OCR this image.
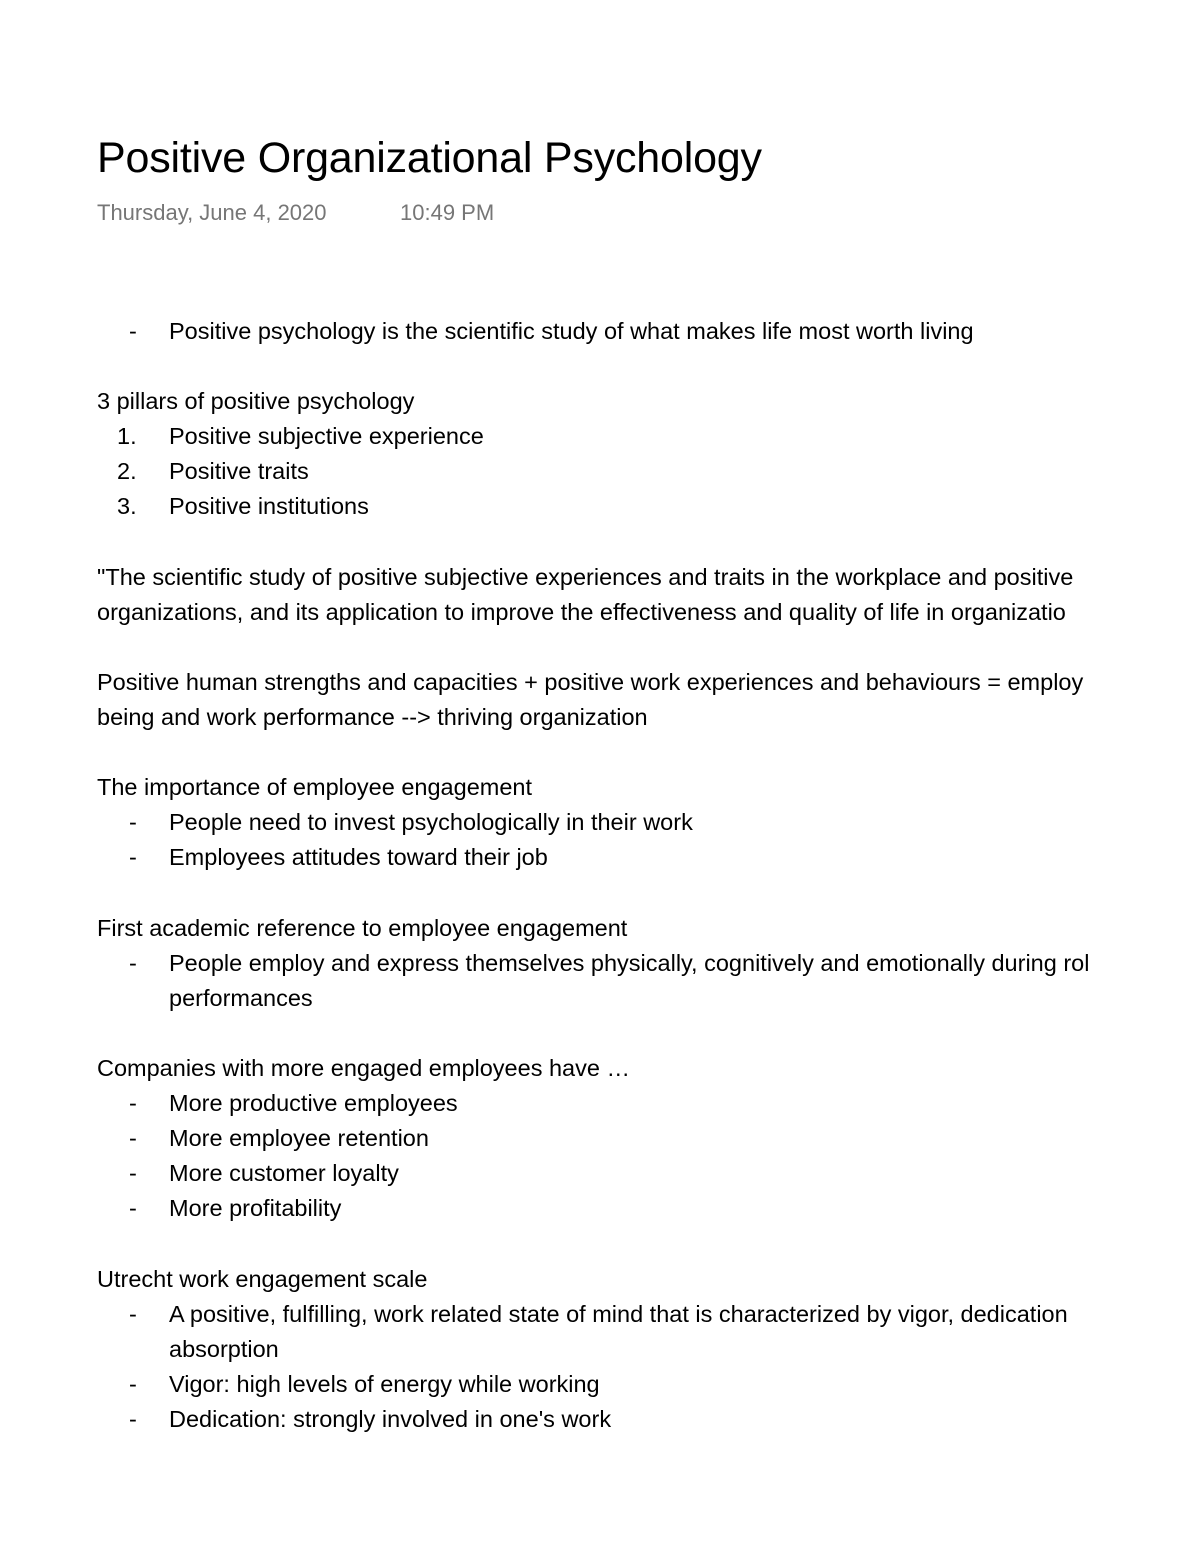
Positive Organizational Psychology
Thursday, June 4, 2020	10:49 PM
- Positive psychology is the scientific study of what makes life most worth living

3 pillars of positive psychology

1. Positive subjective experience
2. Positive traits
3. Positive institutions

"The scientific study of positive subjective experiences and traits in the workplace and positive

organizations, and its application to improve the effectiveness and quality of life in organizatio

Positive human strengths and capacities + positive work experiences and behaviours = employ

being and work performance --> thriving organization

The importance of employee engagement

- People need to invest psychologically in their work
- Employees attitudes toward their job

First academic reference to employee engagement

- People employ and express themselves physically, cognitively and emotionally during rol
performances

Companies with more engaged employees have …

- More productive employees
- More employee retention
- More customer loyalty
- More profitability

Utrecht work engagement scale

- A positive, fulfilling, work related state of mind that is characterized by vigor, dedication
absorption
- Vigor: high levels of energy while working
- Dedication: strongly involved in one's work
